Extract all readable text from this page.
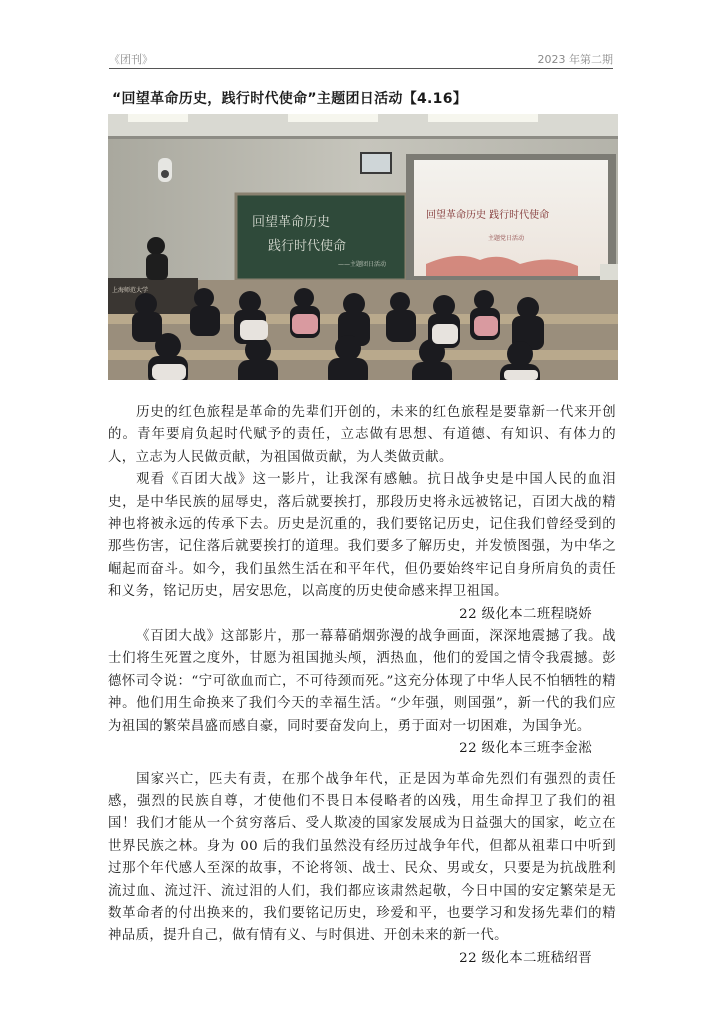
《团刊》	2023 年第二期
“回望革命历史，践行时代使命”主题团日活动【4.16】
回望革命历史
践行时代使命
——主题团日活动
回望革命历史 践行时代使命
主题党日活动
上海师范大学

历史的红色旅程是革命的先辈们开创的，未来的红色旅程是要靠新一代来开创的。青年要肩负起时代赋予的责任，立志做有思想、有道德、有知识、有体力的人，立志为人民做贡献，为祖国做贡献，为人类做贡献。

观看《百团大战》这一影片，让我深有感触。抗日战争史是中国人民的血泪史，是中华民族的屈辱史，落后就要挨打，那段历史将永远被铭记，百团大战的精神也将被永远的传承下去。历史是沉重的，我们要铭记历史，记住我们曾经受到的那些伤害，记住落后就要挨打的道理。我们要多了解历史，并发愤图强，为中华之崛起而奋斗。如今，我们虽然生活在和平年代，但仍要始终牢记自身所肩负的责任和义务，铭记历史，居安思危，以高度的历史使命感来捍卫祖国。

22 级化本二班程晓娇

《百团大战》这部影片，那一幕幕硝烟弥漫的战争画面，深深地震撼了我。战士们将生死置之度外，甘愿为祖国抛头颅，洒热血，他们的爱国之情令我震撼。彭德怀司令说：“宁可欲血而亡，不可待颈而死。”这充分体现了中华人民不怕牺牲的精神。他们用生命换来了我们今天的幸福生活。“少年强，则国强”，新一代的我们应为祖国的繁荣昌盛而感自豪，同时要奋发向上，勇于面对一切困难，为国争光。

22 级化本三班李金淞

国家兴亡，匹夫有责，在那个战争年代，正是因为革命先烈们有强烈的责任感，强烈的民族自尊，才使他们不畏日本侵略者的凶残，用生命捍卫了我们的祖国！我们才能从一个贫穷落后、受人欺凌的国家发展成为日益强大的国家，屹立在世界民族之林。身为 00 后的我们虽然没有经历过战争年代，但都从祖辈口中听到过那个年代感人至深的故事，不论将领、战士、民众、男或女，只要是为抗战胜利流过血、流过汗、流过泪的人们，我们都应该肃然起敬，今日中国的安定繁荣是无数革命者的付出换来的，我们要铭记历史，珍爱和平，也要学习和发扬先辈们的精神品质，提升自己，做有情有义、与时俱进、开创未来的新一代。

22 级化本二班嵇绍晋
